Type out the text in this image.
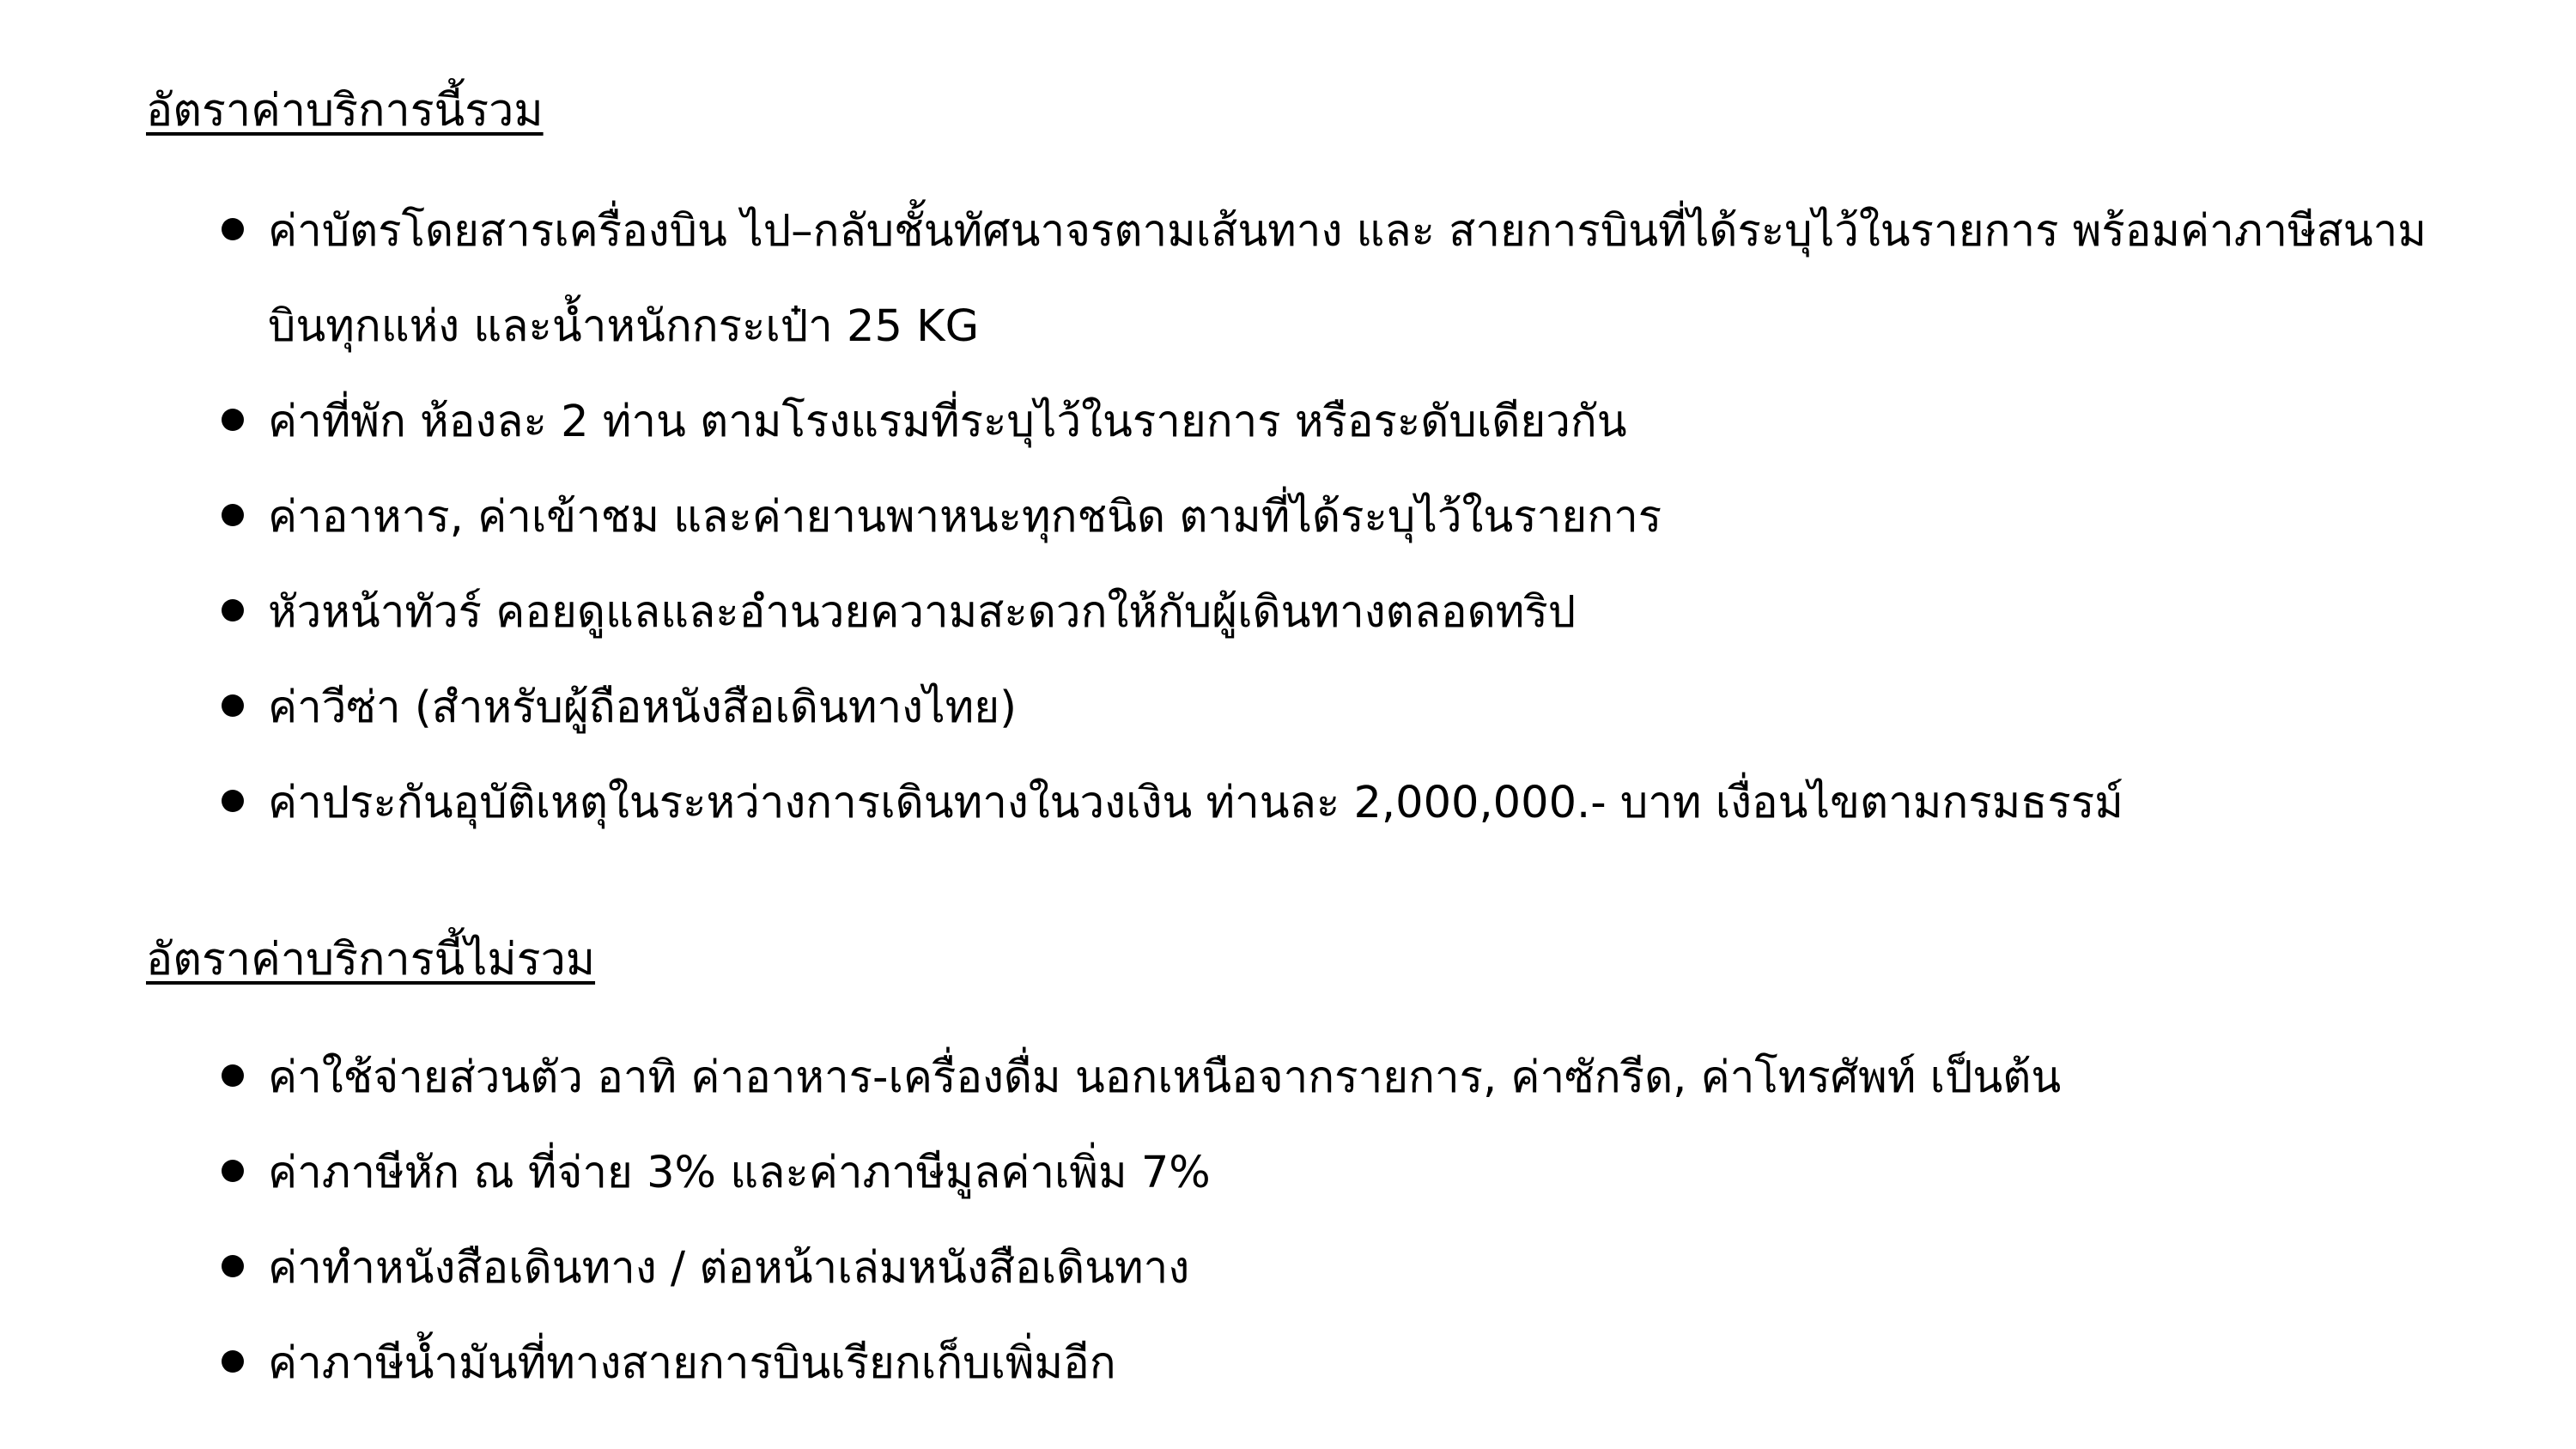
อัตราค่าบริการนี้รวม
ค่าบัตรโดยสารเครื่องบิน ไป–กลับชั้นทัศนาจรตามเส้นทาง และ สายการบินที่ได้ระบุไว้ในรายการ พร้อมค่าภาษีสนามบินทุกแห่ง และน้ำหนักกระเป๋า 25 KG
ค่าที่พัก ห้องละ 2 ท่าน ตามโรงแรมที่ระบุไว้ในรายการ หรือระดับเดียวกัน
ค่าอาหาร, ค่าเข้าชม และค่ายานพาหนะทุกชนิด ตามที่ได้ระบุไว้ในรายการ
หัวหน้าทัวร์ คอยดูแลและอำนวยความสะดวกให้กับผู้เดินทางตลอดทริป
ค่าวีซ่า (สำหรับผู้ถือหนังสือเดินทางไทย)
ค่าประกันอุบัติเหตุในระหว่างการเดินทางในวงเงิน ท่านละ 2,000,000.- บาท เงื่อนไขตามกรมธรรม์
อัตราค่าบริการนี้ไม่รวม
ค่าใช้จ่ายส่วนตัว อาทิ ค่าอาหาร-เครื่องดื่ม นอกเหนือจากรายการ, ค่าซักรีด, ค่าโทรศัพท์ เป็นต้น
ค่าภาษีหัก ณ ที่จ่าย 3% และค่าภาษีมูลค่าเพิ่ม 7%
ค่าทำหนังสือเดินทาง / ต่อหน้าเล่มหนังสือเดินทาง
ค่าภาษีน้ำมันที่ทางสายการบินเรียกเก็บเพิ่มอีก
